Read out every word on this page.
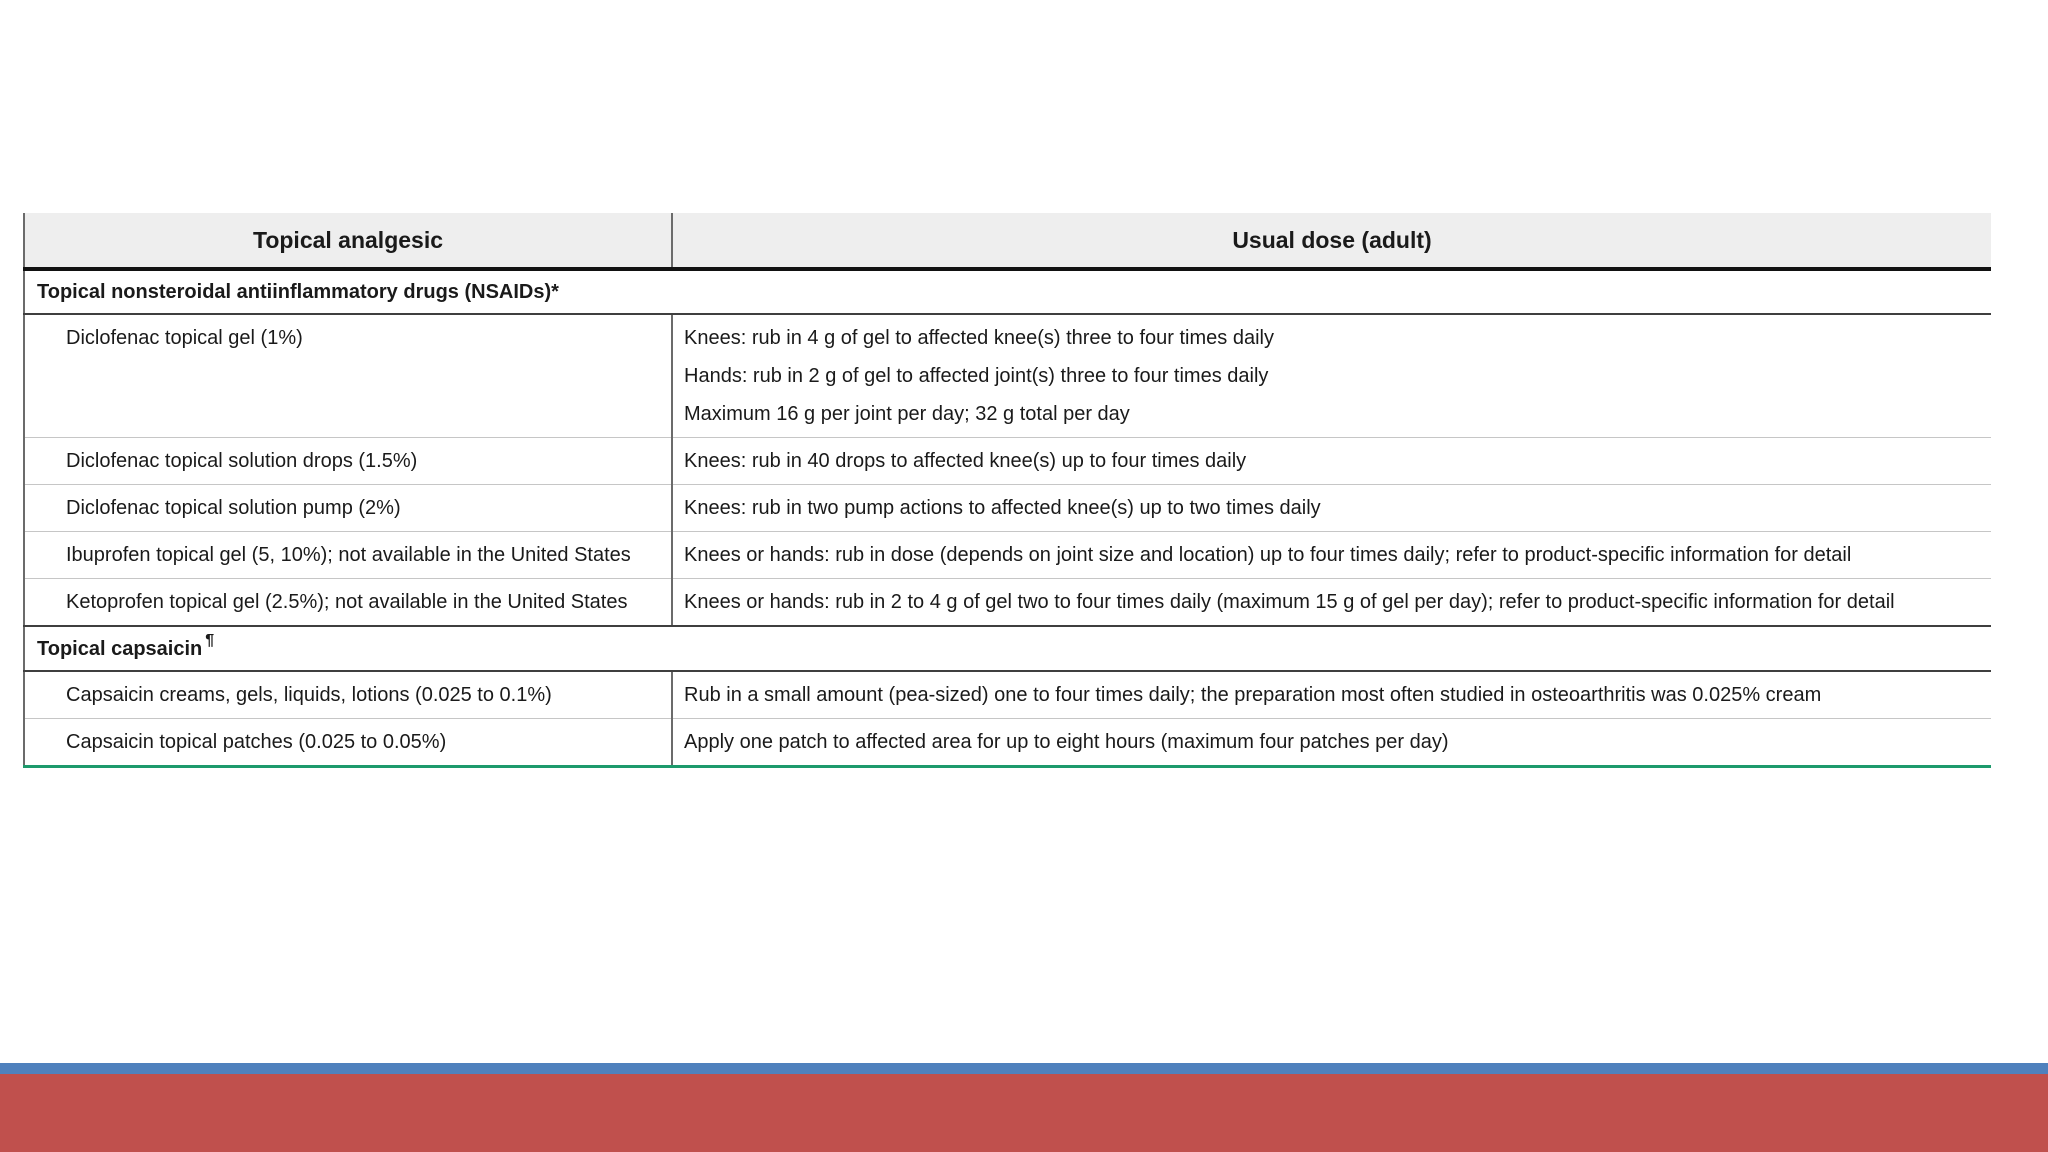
Topical analgesic	Usual dose (adult)
Topical nonsteroidal antiinflammatory drugs (NSAIDs)*	
Diclofenac topical gel (1%)	Knees: rub in 4 g of gel to affected knee(s) three to four times daily
Hands: rub in 2 g of gel to affected joint(s) three to four times daily
Maximum 16 g per joint per day; 32 g total per day

Diclofenac topical solution drops (1.5%)	Knees: rub in 40 drops to affected knee(s) up to four times daily
Diclofenac topical solution pump (2%)	Knees: rub in two pump actions to affected knee(s) up to two times daily
Ibuprofen topical gel (5, 10%); not available in the United States	Knees or hands: rub in dose (depends on joint size and location) up to four times daily; refer to product-specific information for detail
Ketoprofen topical gel (2.5%); not available in the United States	Knees or hands: rub in 2 to 4 g of gel two to four times daily (maximum 15 g of gel per day); refer to product-specific information for detail
Topical capsaicin ¶
Capsaicin creams, gels, liquids, lotions (0.025 to 0.1%)	Rub in a small amount (pea-sized) one to four times daily; the preparation most often studied in osteoarthritis was 0.025% cream
Capsaicin topical patches (0.025 to 0.05%)	Apply one patch to affected area for up to eight hours (maximum four patches per day)
